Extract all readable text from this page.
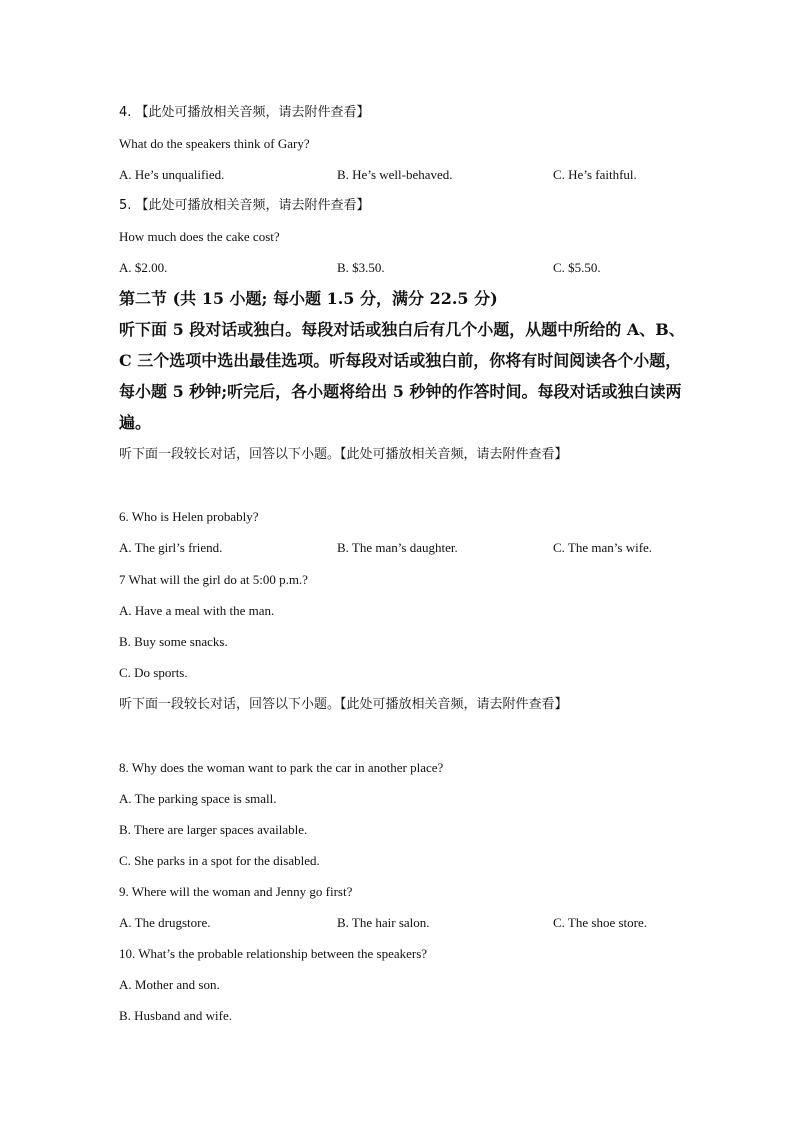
4. 【此处可播放相关音频，请去附件查看】
What do the speakers think of Gary?
A. He’s unqualified.	B. He’s well-behaved.	C. He’s faithful.
5. 【此处可播放相关音频，请去附件查看】
How much does the cake cost?
A. $2.00.	B. $3.50.	C. $5.50.
第二节 (共 15 小题; 每小题 1.5 分，满分 22.5 分)
听下面 5 段对话或独白。每段对话或独白后有几个小题，从题中所给的 A、B、
C 三个选项中选出最佳选项。听每段对话或独白前，你将有时间阅读各个小题，
每小题 5 秒钟;听完后，各小题将给出 5 秒钟的作答时间。每段对话或独白读两
遍。
听下面一段较长对话，回答以下小题。【此处可播放相关音频，请去附件查看】
6. Who is Helen probably?
A. The girl’s friend.	B. The man’s daughter.	C. The man’s wife.
7 What will the girl do at 5:00 p.m.?
A. Have a meal with the man.
B. Buy some snacks.
C. Do sports.
听下面一段较长对话，回答以下小题。【此处可播放相关音频，请去附件查看】
8. Why does the woman want to park the car in another place?
A. The parking space is small.
B. There are larger spaces available.
C. She parks in a spot for the disabled.
9. Where will the woman and Jenny go first?
A. The drugstore.	B. The hair salon.	C. The shoe store.
10. What’s the probable relationship between the speakers?
A. Mother and son.
B. Husband and wife.
